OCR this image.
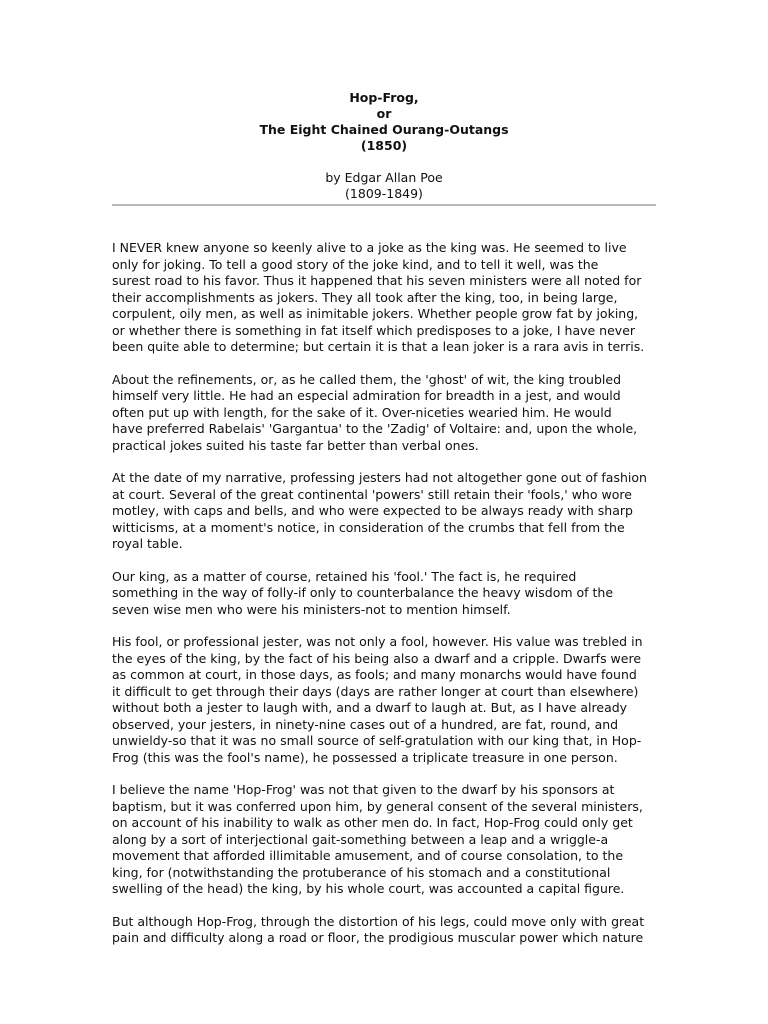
Hop-Frog,
or
The Eight Chained Ourang-Outangs
(1850)
by Edgar Allan Poe
(1809-1849)

I NEVER knew anyone so keenly alive to a joke as the king was. He seemed to live
only for joking. To tell a good story of the joke kind, and to tell it well, was the
surest road to his favor. Thus it happened that his seven ministers were all noted for
their accomplishments as jokers. They all took after the king, too, in being large,
corpulent, oily men, as well as inimitable jokers. Whether people grow fat by joking,
or whether there is something in fat itself which predisposes to a joke, I have never
been quite able to determine; but certain it is that a lean joker is a rara avis in terris.

About the refinements, or, as he called them, the 'ghost' of wit, the king troubled
himself very little. He had an especial admiration for breadth in a jest, and would
often put up with length, for the sake of it. Over-niceties wearied him. He would
have preferred Rabelais' 'Gargantua' to the 'Zadig' of Voltaire: and, upon the whole,
practical jokes suited his taste far better than verbal ones.

At the date of my narrative, professing jesters had not altogether gone out of fashion
at court. Several of the great continental 'powers' still retain their 'fools,' who wore
motley, with caps and bells, and who were expected to be always ready with sharp
witticisms, at a moment's notice, in consideration of the crumbs that fell from the
royal table.

Our king, as a matter of course, retained his 'fool.' The fact is, he required
something in the way of folly-if only to counterbalance the heavy wisdom of the
seven wise men who were his ministers-not to mention himself.

His fool, or professional jester, was not only a fool, however. His value was trebled in
the eyes of the king, by the fact of his being also a dwarf and a cripple. Dwarfs were
as common at court, in those days, as fools; and many monarchs would have found
it difficult to get through their days (days are rather longer at court than elsewhere)
without both a jester to laugh with, and a dwarf to laugh at. But, as I have already
observed, your jesters, in ninety-nine cases out of a hundred, are fat, round, and
unwieldy-so that it was no small source of self-gratulation with our king that, in Hop-
Frog (this was the fool's name), he possessed a triplicate treasure in one person.

I believe the name 'Hop-Frog' was not that given to the dwarf by his sponsors at
baptism, but it was conferred upon him, by general consent of the several ministers,
on account of his inability to walk as other men do. In fact, Hop-Frog could only get
along by a sort of interjectional gait-something between a leap and a wriggle-a
movement that afforded illimitable amusement, and of course consolation, to the
king, for (notwithstanding the protuberance of his stomach and a constitutional
swelling of the head) the king, by his whole court, was accounted a capital figure.

But although Hop-Frog, through the distortion of his legs, could move only with great
pain and difficulty along a road or floor, the prodigious muscular power which nature
